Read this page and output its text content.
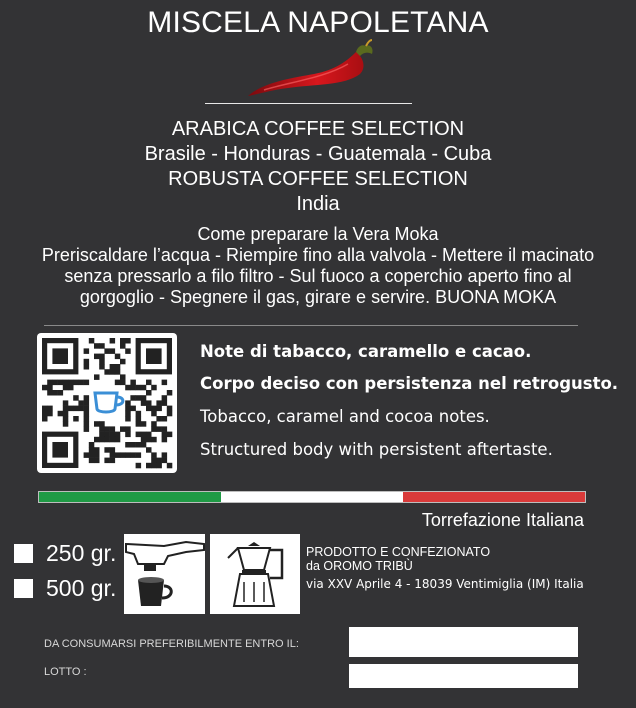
MISCELA NAPOLETANA
ARABICA COFFEE SELECTION
Brasile - Honduras - Guatemala - Cuba
ROBUSTA COFFEE SELECTION
India
Come preparare la Vera Moka
Preriscaldare l’acqua - Riempire fino alla valvola - Mettere il macinato
senza pressarlo a filo filtro - Sul fuoco a coperchio aperto fino al
gorgoglio - Spegnere il gas, girare e servire. BUONA MOKA
Note di tabacco, caramello e cacao.
Corpo deciso con persistenza nel retrogusto.
Tobacco, caramel and cocoa notes.
Structured body with persistent aftertaste.
Torrefazione Italiana
250 gr.
500 gr.
PRODOTTO E CONFEZIONATO
da OROMO TRIBÙ
via XXV Aprile 4 - 18039 Ventimiglia (IM) Italia
DA CONSUMARSI PREFERIBILMENTE ENTRO IL:
LOTTO :
